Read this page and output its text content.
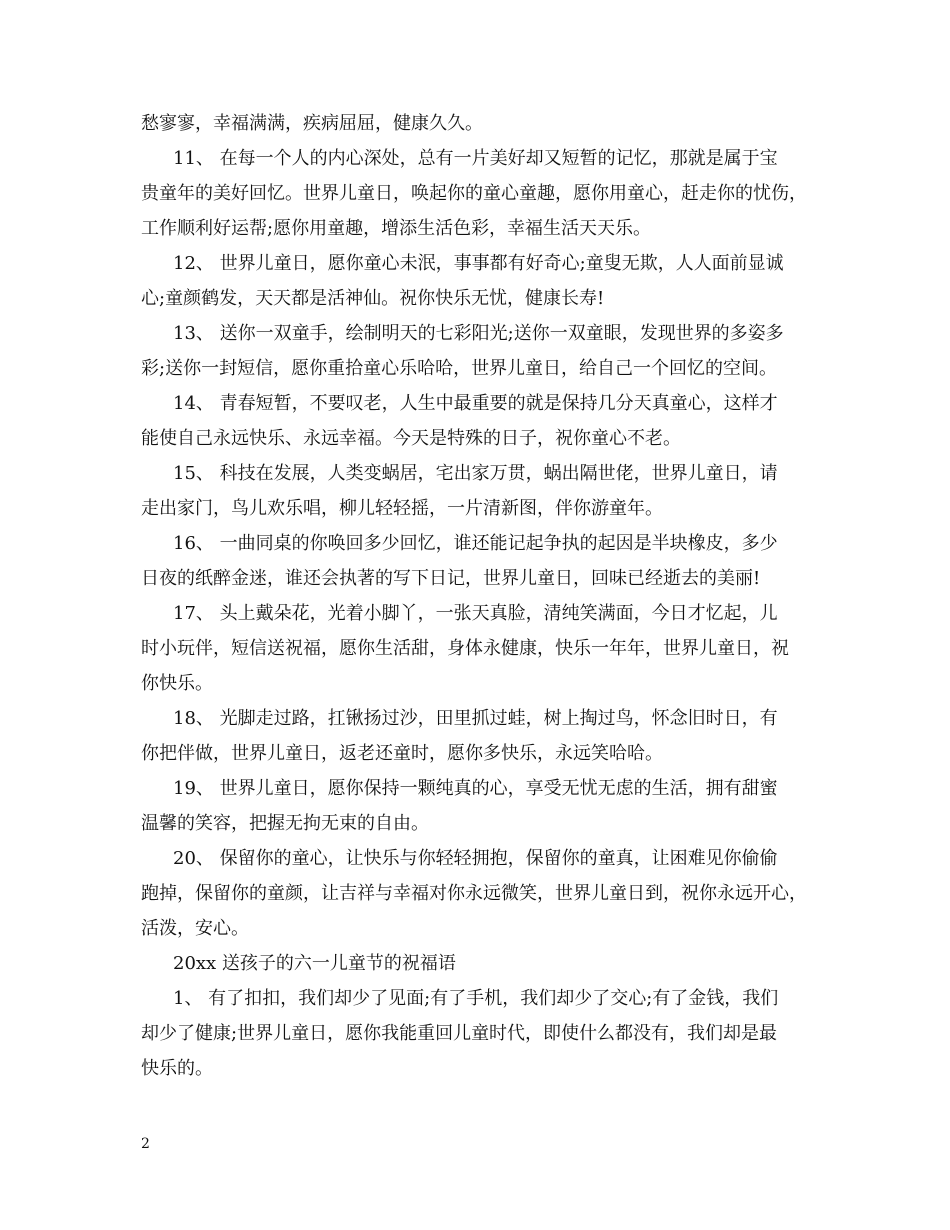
愁寥寥，幸福满满，疾病屈屈，健康久久。
11、 在每一个人的内心深处，总有一片美好却又短暂的记忆，那就是属于宝
贵童年的美好回忆。世界儿童日，唤起你的童心童趣，愿你用童心，赶走你的忧伤，
工作顺利好运帮;愿你用童趣，增添生活色彩，幸福生活天天乐。
12、 世界儿童日，愿你童心未泯，事事都有好奇心;童叟无欺，人人面前显诚
心;童颜鹤发，天天都是活神仙。祝你快乐无忧，健康长寿!
13、 送你一双童手，绘制明天的七彩阳光;送你一双童眼，发现世界的多姿多
彩;送你一封短信，愿你重拾童心乐哈哈，世界儿童日，给自己一个回忆的空间。
14、 青春短暂，不要叹老，人生中最重要的就是保持几分天真童心，这样才
能使自己永远快乐、永远幸福。今天是特殊的日子，祝你童心不老。
15、 科技在发展，人类变蜗居，宅出家万贯，蜗出隔世佬，世界儿童日，请
走出家门，鸟儿欢乐唱，柳儿轻轻摇，一片清新图，伴你游童年。
16、 一曲同桌的你唤回多少回忆，谁还能记起争执的起因是半块橡皮，多少
日夜的纸醉金迷，谁还会执著的写下日记，世界儿童日，回味已经逝去的美丽!
17、 头上戴朵花，光着小脚丫，一张天真脸，清纯笑满面，今日才忆起，儿
时小玩伴，短信送祝福，愿你生活甜，身体永健康，快乐一年年，世界儿童日，祝
你快乐。
18、 光脚走过路，扛锹扬过沙，田里抓过蛙，树上掏过鸟，怀念旧时日，有
你把伴做，世界儿童日，返老还童时，愿你多快乐，永远笑哈哈。
19、 世界儿童日，愿你保持一颗纯真的心，享受无忧无虑的生活，拥有甜蜜
温馨的笑容，把握无拘无束的自由。
20、 保留你的童心，让快乐与你轻轻拥抱，保留你的童真，让困难见你偷偷
跑掉，保留你的童颜，让吉祥与幸福对你永远微笑，世界儿童日到，祝你永远开心，
活泼，安心。
20xx 送孩子的六一儿童节的祝福语
1、 有了扣扣，我们却少了见面;有了手机，我们却少了交心;有了金钱，我们
却少了健康;世界儿童日，愿你我能重回儿童时代，即使什么都没有，我们却是最
快乐的。
2
